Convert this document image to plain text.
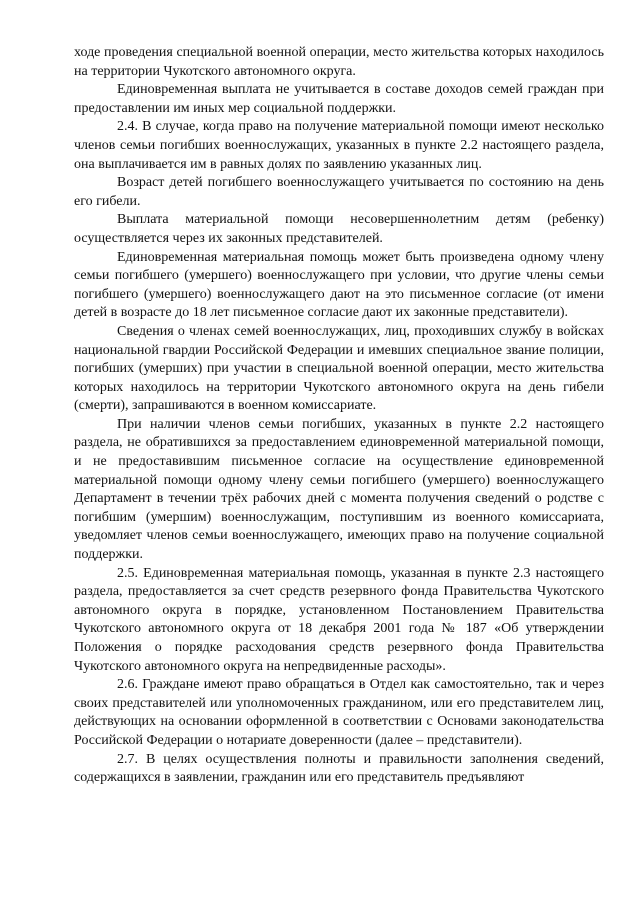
ходе проведения специальной военной операции, место жительства которых находилось на территории Чукотского автономного округа.

Единовременная выплата не учитывается в составе доходов семей граждан при предоставлении им иных мер социальной поддержки.

2.4. В случае, когда право на получение материальной помощи имеют несколько членов семьи погибших военнослужащих, указанных в пункте 2.2 настоящего раздела, она выплачивается им в равных долях по заявлению указанных лиц.

Возраст детей погибшего военнослужащего учитывается по состоянию на день его гибели.

Выплата материальной помощи несовершеннолетним детям (ребенку) осуществляется через их законных представителей.

Единовременная материальная помощь может быть произведена одному члену семьи погибшего (умершего) военнослужащего при условии, что другие члены семьи погибшего (умершего) военнослужащего дают на это письменное согласие (от имени детей в возрасте до 18 лет письменное согласие дают их законные представители).

Сведения о членах семей военнослужащих, лиц, проходивших службу в войсках национальной гвардии Российской Федерации и имевших специальное звание полиции, погибших (умерших) при участии в специальной военной операции, место жительства которых находилось на территории Чукотского автономного округа на день гибели (смерти), запрашиваются в военном комиссариате.

При наличии членов семьи погибших, указанных в пункте 2.2 настоящего раздела, не обратившихся за предоставлением единовременной материальной помощи, и не предоставившим письменное согласие на осуществление единовременной материальной помощи одному члену семьи погибшего (умершего) военнослужащего Департамент в течении трёх рабочих дней с момента получения сведений о родстве с погибшим (умершим) военнослужащим, поступившим из военного комиссариата, уведомляет членов семьи военнослужащего, имеющих право на получение социальной поддержки.

2.5. Единовременная материальная помощь, указанная в пункте 2.3 настоящего раздела, предоставляется за счет средств резервного фонда Правительства Чукотского автономного округа в порядке, установленном Постановлением Правительства Чукотского автономного округа от 18 декабря 2001 года № 187 «Об утверждении Положения о порядке расходования средств резервного фонда Правительства Чукотского автономного округа на непредвиденные расходы».

2.6. Граждане имеют право обращаться в Отдел как самостоятельно, так и через своих представителей или уполномоченных гражданином, или его представителем лиц, действующих на основании оформленной в соответствии с Основами законодательства Российской Федерации о нотариате доверенности (далее – представители).

2.7. В целях осуществления полноты и правильности заполнения сведений, содержащихся в заявлении, гражданин или его представитель предъявляют
